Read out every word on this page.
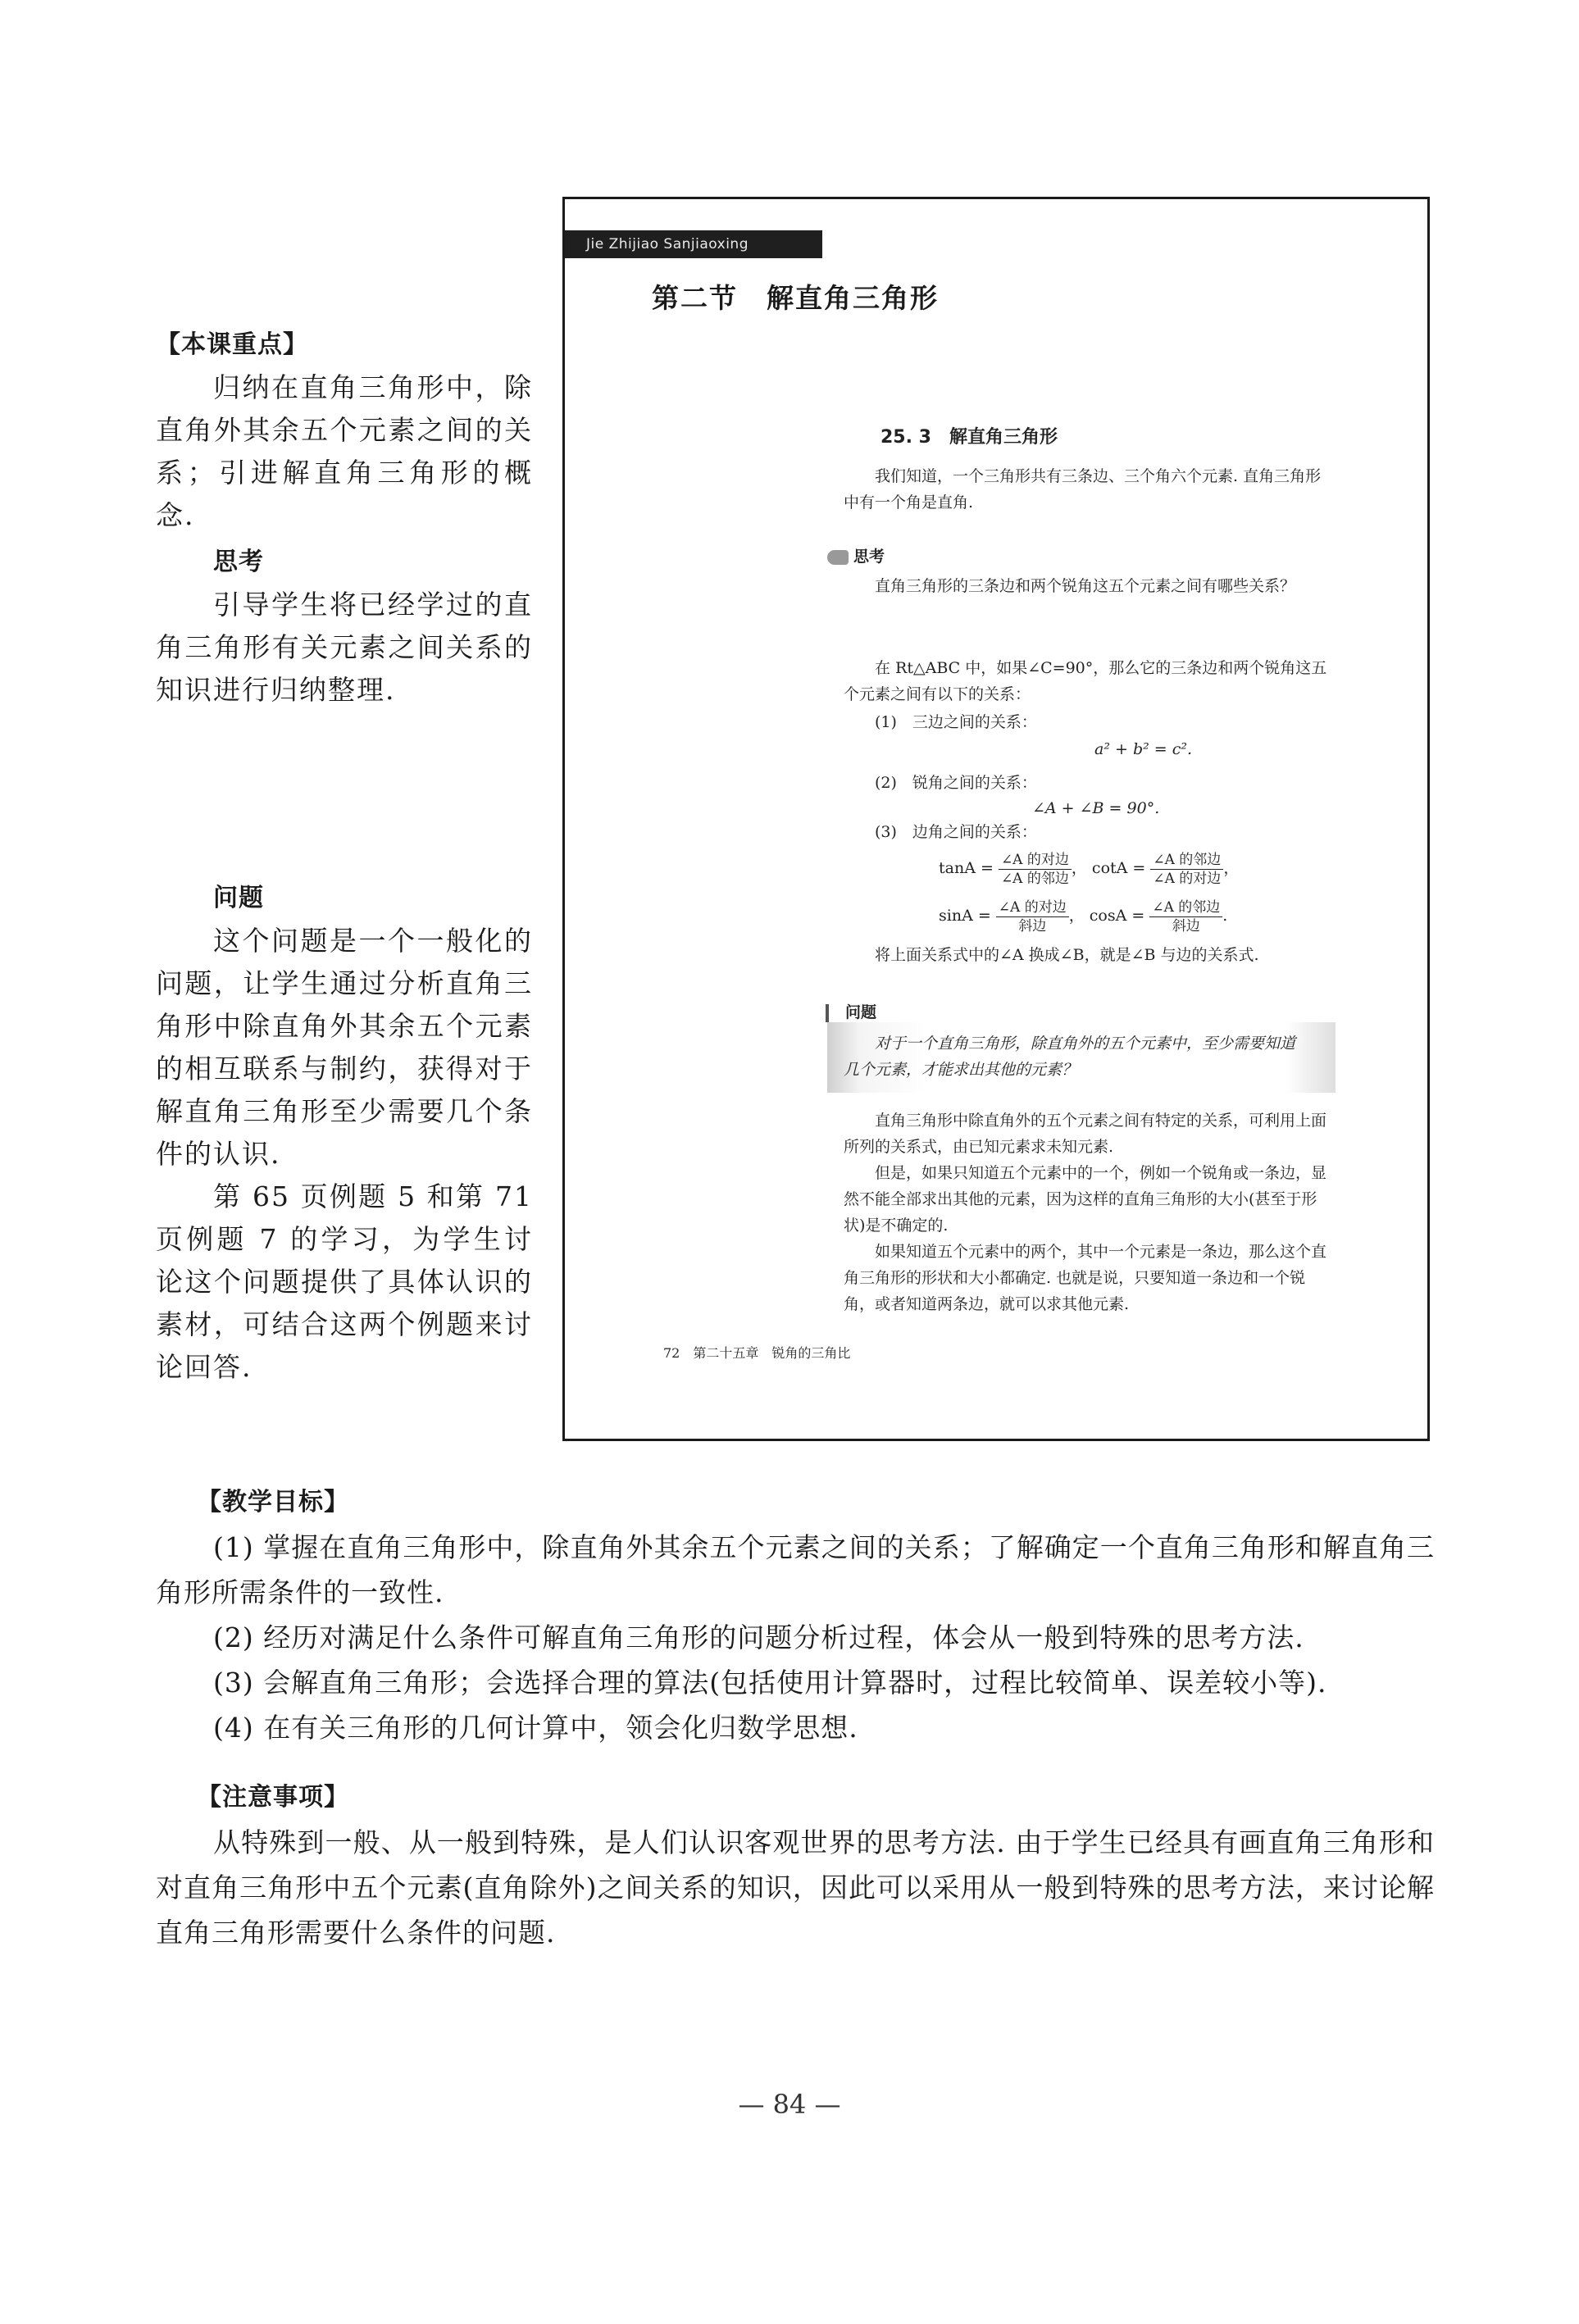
【本课重点】
归纳在直角三角形中，除直角外其余五个元素之间的关系；引进解直角三角形的概念.
思考
引导学生将已经学过的直角三角形有关元素之间关系的知识进行归纳整理.
问题
这个问题是一个一般化的问题，让学生通过分析直角三角形中除直角外其余五个元素的相互联系与制约，获得对于解直角三角形至少需要几个条件的认识.
第 65 页例题 5 和第 71 页例题 7 的学习，为学生讨论这个问题提供了具体认识的素材，可结合这两个例题来讨论回答.
Jie Zhijiao Sanjiaoxing
第二节　解直角三角形
25. 3　解直角三角形
我们知道，一个三角形共有三条边、三个角六个元素. 直角三角形中有一个角是直角.
思考
直角三角形的三条边和两个锐角这五个元素之间有哪些关系？
在 Rt△ABC 中，如果∠C=90°，那么它的三条边和两个锐角这五个元素之间有以下的关系：
(1)　三边之间的关系：
a² + b² = c².
(2)　锐角之间的关系：
∠A + ∠B = 90°.
(3)　边角之间的关系：
$\tan A = \frac{\text{∠A 的对边}}{\text{∠A 的邻边}}$ ， $\cot A = \frac{\text{∠A 的邻边}}{\text{∠A 的对边}}$ ，
$\sin A = \frac{\text{∠A 的对边}}{\text{斜边}}$ ， $\cos A = \frac{\text{∠A 的邻边}}{\text{斜边}}$ .
将上面关系式中的∠A 换成∠B，就是∠B 与边的关系式.
问题
对于一个直角三角形，除直角外的五个元素中，至少需要知道几个元素，才能求出其他的元素？
直角三角形中除直角外的五个元素之间有特定的关系，可利用上面所列的关系式，由已知元素求未知元素.
但是，如果只知道五个元素中的一个，例如一个锐角或一条边，显然不能全部求出其他的元素，因为这样的直角三角形的大小(甚至于形状)是不确定的.
如果知道五个元素中的两个，其中一个元素是一条边，那么这个直角三角形的形状和大小都确定. 也就是说，只要知道一条边和一个锐角，或者知道两条边，就可以求其他元素.
72　第二十五章　锐角的三角比
【教学目标】
(1) 掌握在直角三角形中，除直角外其余五个元素之间的关系；了解确定一个直角三角形和解直角三角形所需条件的一致性.
(2) 经历对满足什么条件可解直角三角形的问题分析过程，体会从一般到特殊的思考方法.
(3) 会解直角三角形；会选择合理的算法(包括使用计算器时，过程比较简单、误差较小等).
(4) 在有关三角形的几何计算中，领会化归数学思想.
【注意事项】
从特殊到一般、从一般到特殊，是人们认识客观世界的思考方法. 由于学生已经具有画直角三角形和对直角三角形中五个元素(直角除外)之间关系的知识，因此可以采用从一般到特殊的思考方法，来讨论解直角三角形需要什么条件的问题.
— 84 —
